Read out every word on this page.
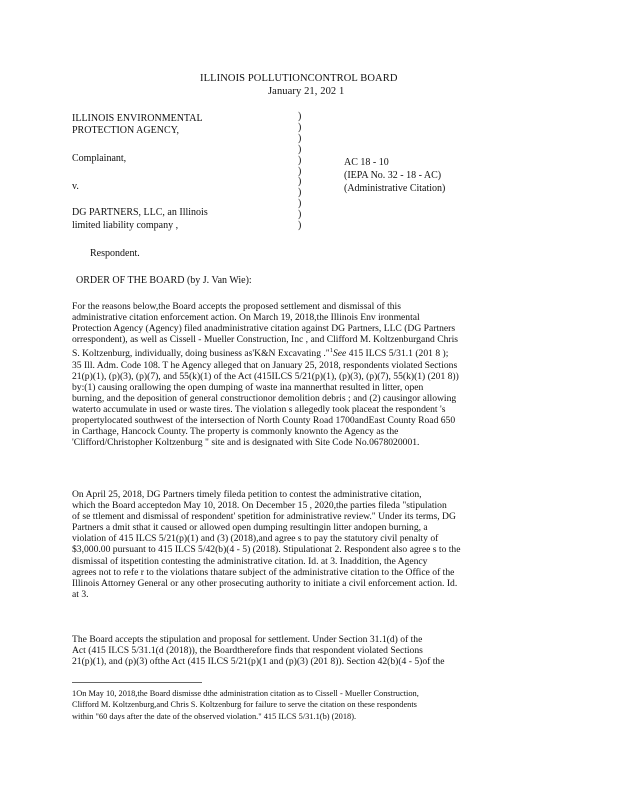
ILLINOIS POLLUTIONCONTROL BOARD
January 21, 202 1
ILLINOIS ENVIRONMENTAL
PROTECTION AGENCY,
Complainant,
v.
DG PARTNERS, LLC, an Illinois
limited liability company ,
Respondent.
)
)
)
)
)
)
)
)
)
)
)
AC 18 - 10
(IEPA No. 32 - 18 - AC)
(Administrative Citation)
ORDER OF THE BOARD (by J. Van Wie):
For the reasons below,the Board accepts the proposed settlement and dismissal of this
administrative citation enforcement action. On March 19, 2018,the Illinois Env ironmental
Protection Agency (Agency) filed anadministrative citation against DG Partners, LLC (DG Partners
orrespondent), as well as Cissell - Mueller Construction, Inc , and Clifford M. Koltzenburgand Chris
S. Koltzenburg, individually, doing business as'K&N Excavating ."$^1$See 415 ILCS 5/31.1 (201 8 );
35 Ill. Adm. Code 108. T he Agency alleged that on January 25, 2018, respondents violated Sections
21(p)(1), (p)(3), (p)(7), and 55(k)(1) of the Act (415ILCS 5/21(p)(1), (p)(3), (p)(7), 55(k)(1) (201 8))
by:(1) causing orallowing the open dumping of waste ina mannerthat resulted in litter, open
burning, and the deposition of general constructionor demolition debris ; and (2) causingor allowing
waterto accumulate in used or waste tires. The violation s allegedly took placeat the respondent 's
propertylocated southwest of the intersection of North County Road 1700andEast County Road 650
in Carthage, Hancock County. The property is commonly knownto the Agency as the
'Clifford/Christopher Koltzenburg " site and is designated with Site Code No.0678020001.
On April 25, 2018, DG Partners timely fileda petition to contest the administrative citation,
which the Board acceptedon May 10, 2018. On December 15 , 2020,the parties fileda "stipulation
of se ttlement and dismissal of respondent' spetition for administrative review." Under its terms, DG
Partners a dmit sthat it caused or allowed open dumping resultingin litter andopen burning, a
violation of 415 ILCS 5/21(p)(1) and (3) (2018),and agree s to pay the statutory civil penalty of
$3,000.00 pursuant to 415 ILCS 5/42(b)(4 - 5) (2018). Stipulationat 2. Respondent also agree s to the
dismissal of itspetition contesting the administrative citation. Id. at 3. Inaddition, the Agency
agrees not to refe r to the violations thatare subject of the administrative citation to the Office of the
Illinois Attorney General or any other prosecuting authority to initiate a civil enforcement action. Id.
at 3.
The Board accepts the stipulation and proposal for settlement. Under Section 31.1(d) of the
Act (415 ILCS 5/31.1(d (2018)), the Boardtherefore finds that respondent violated Sections
21(p)(1), and (p)(3) ofthe Act (415 ILCS 5/21(p)(1 and (p)(3) (201 8)). Section 42(b)(4 - 5)of the
1On May 10, 2018,the Board dismisse dthe administration citation as to Cissell - Mueller Construction,
Clifford M. Koltzenburg,and Chris S. Koltzenburg for failure to serve the citation on these respondents
within "60 days after the date of the observed violation." 415 ILCS 5/31.1(b) (2018).
